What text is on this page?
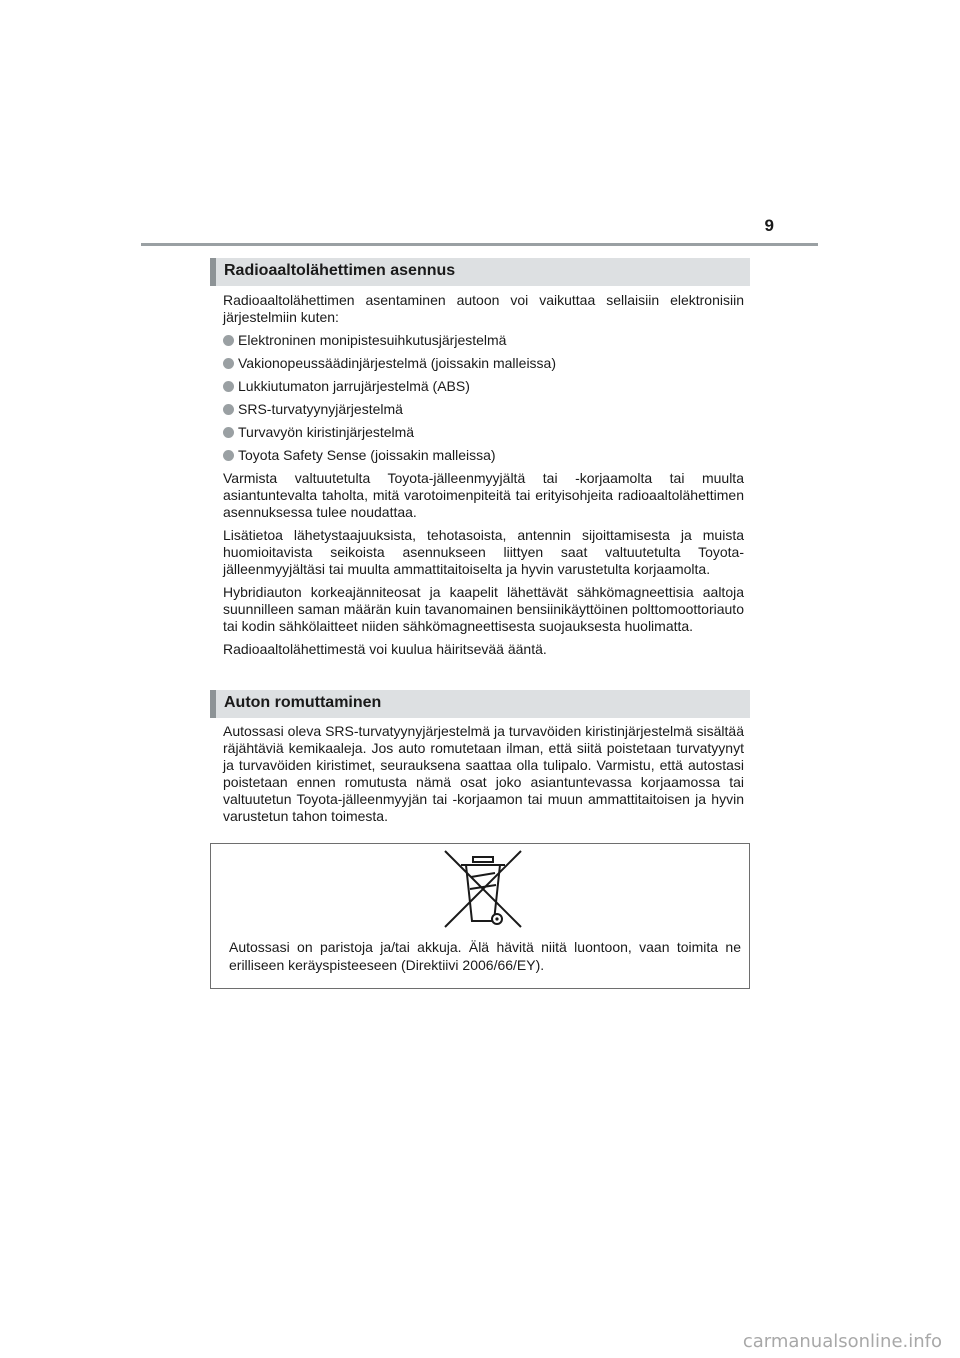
9
Radioaaltolähettimen asennus

Radioaaltolähettimen asentaminen autoon voi vaikuttaa sellaisiin elektronisiin järjestelmiin kuten:

Elektroninen monipistesuihkutusjärjestelmä
Vakionopeussäädinjärjestelmä (joissakin malleissa)
Lukkiutumaton jarrujärjestelmä (ABS)
SRS-turvatyynyjärjestelmä
Turvavyön kiristinjärjestelmä
Toyota Safety Sense (joissakin malleissa)

Varmista valtuutetulta Toyota-jälleenmyyjältä tai -korjaamolta tai muulta asiantuntevalta taholta, mitä varotoimenpiteitä tai erityisohjeita radioaaltolähettimen asennuksessa tulee noudattaa.

Lisätietoa lähetystaajuuksista, tehotasoista, antennin sijoittamisesta ja muista huomioitavista seikoista asennukseen liittyen saat valtuutetulta Toyota-jälleenmyyjältäsi tai muulta ammattitaitoiselta ja hyvin varustetulta korjaamolta.

Hybridiauton korkeajänniteosat ja kaapelit lähettävät sähkömagneettisia aaltoja suunnilleen saman määrän kuin tavanomainen bensiinikäyttöinen polttomoottoriauto tai kodin sähkölaitteet niiden sähkömagneettisesta suojauksesta huolimatta.

Radioaaltolähettimestä voi kuulua häiritsevää ääntä.

Auton romuttaminen

Autossasi oleva SRS-turvatyynyjärjestelmä ja turvavöiden kiristinjärjestelmä sisältää räjähtäviä kemikaaleja. Jos auto romutetaan ilman, että siitä poistetaan turvatyynyt ja turvavöiden kiristimet, seurauksena saattaa olla tulipalo. Varmistu, että autostasi poistetaan ennen romutusta nämä osat joko asiantuntevassa korjaamossa tai valtuutetun Toyota-jälleenmyyjän tai -korjaamon tai muun ammattitaitoisen ja hyvin varustetun tahon toimesta.

Autossasi on paristoja ja/tai akkuja. Älä hävitä niitä luontoon, vaan toimita ne erilliseen keräyspisteeseen (Direktiivi 2006/66/EY).

carmanualsonline.info
